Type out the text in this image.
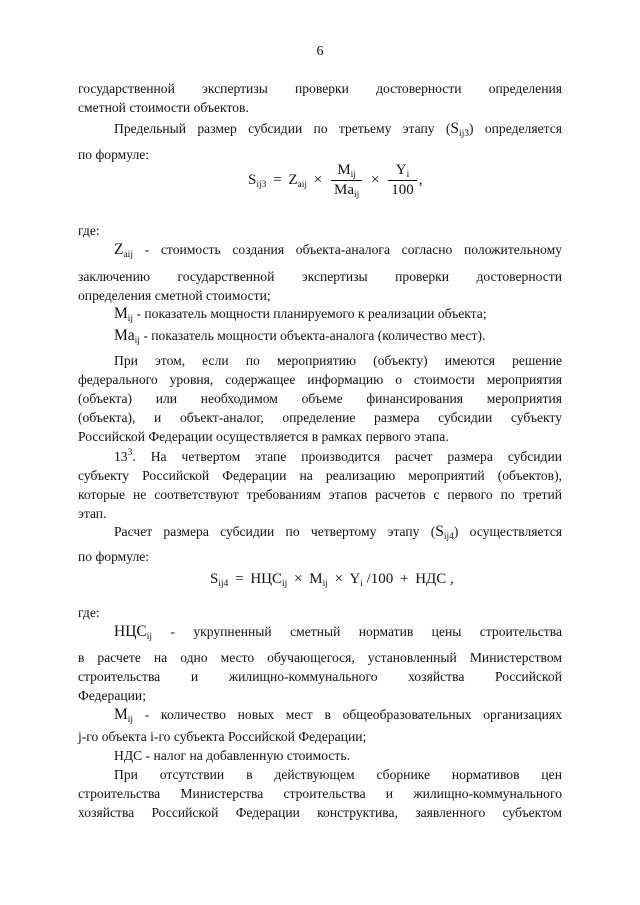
6
государственной экспертизы проверки достоверности определения
сметной стоимости объектов.
Предельный размер субсидии по третьему этапу $(S_{ij3})$ определяется
по формуле:
$S_{ij3} = Z_{aij} \times \frac{M_{ij}}{Ma_{ij}} \times \frac{Y_i}{100}$ ,
где:
$Z_{aij}$ - стоимость создания объекта-аналога согласно положительному
заключению государственной экспертизы проверки достоверности
определения сметной стоимости;
$M_{ij}$ - показатель мощности планируемого к реализации объекта;
$Ma_{ij}$ - показатель мощности объекта-аналога (количество мест).
При этом, если по мероприятию (объекту) имеются решение
федерального уровня, содержащее информацию о стоимости мероприятия
(объекта) или необходимом объеме финансирования мероприятия
(объекта), и объект-аналог, определение размера субсидии субъекту
Российской Федерации осуществляется в рамках первого этапа.
$13^3$. На четвертом этапе производится расчет размера субсидии
субъекту Российской Федерации на реализацию мероприятий (объектов),
которые не соответствуют требованиям этапов расчетов с первого по третий
этап.
Расчет размера субсидии по четвертому этапу $(S_{ij4})$ осуществляется
по формуле:
$S_{ij4} = НЦС_{ij} \times M_{ij} \times Y_i$ /100 + НДС ,
где:
$НЦС_{ij}$ - укрупненный сметный норматив цены строительства
в расчете на одно место обучающегося, установленный Министерством
строительства и жилищно-коммунального хозяйства Российской
Федерации;
$M_{ij}$ - количество новых мест в общеобразовательных организациях
j-го объекта i-го субъекта Российской Федерации;
НДС - налог на добавленную стоимость.
При отсутствии в действующем сборнике нормативов цен
строительства Министерства строительства и жилищно-коммунального
хозяйства Российской Федерации конструктива, заявленного субъектом
